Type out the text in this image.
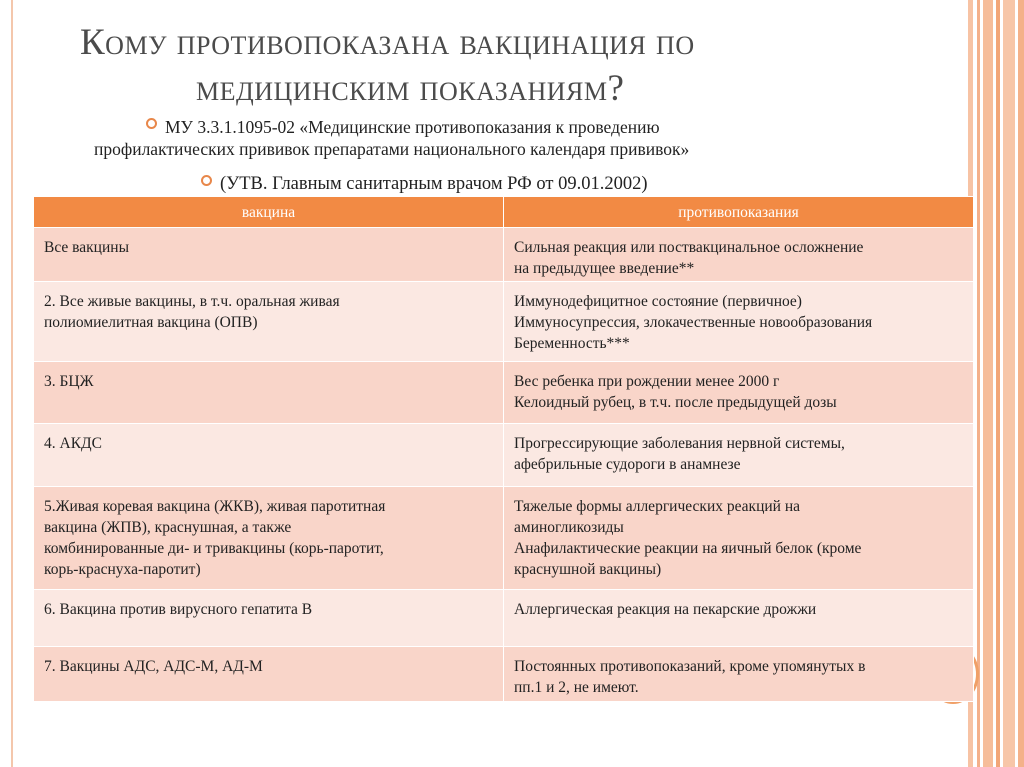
Кому противопоказана вакцинация по
медицинским показаниям?
МУ 3.3.1.1095-02 «Медицинские противопоказания к проведению
профилактических прививок препаратами национального календаря прививок»
(УТВ. Главным санитарным врачом РФ от 09.01.2002)
вакцина	противопоказания

Все вакцины	Сильная реакция или поствакцинальное осложнение
на предыдущее введение**

2. Все живые вакцины, в т.ч. оральная живая
полиомиелитная вакцина (ОПВ)	Иммунодефицитное состояние (первичное)
Иммуносупрессия, злокачественные новообразования
Беременность***

3. БЦЖ	Вес ребенка при рождении менее 2000 г
Келоидный рубец, в т.ч. после предыдущей дозы

4. АКДС	Прогрессирующие заболевания нервной системы,
афебрильные судороги в анамнезе

5.Живая коревая вакцина (ЖКВ), живая паротитная
вакцина (ЖПВ), краснушная, а также
комбинированные ди- и тривакцины (корь-паротит,
корь-краснуха-паротит)	Тяжелые формы аллергических реакций на
аминогликозиды
Анафилактические реакции на яичный белок (кроме
краснушной вакцины)

6. Вакцина против вирусного гепатита В	Аллергическая реакция на пекарские дрожжи

7. Вакцины АДС, АДС-М, АД-М	Постоянных противопоказаний, кроме упомянутых в
пп.1 и 2, не имеют.
